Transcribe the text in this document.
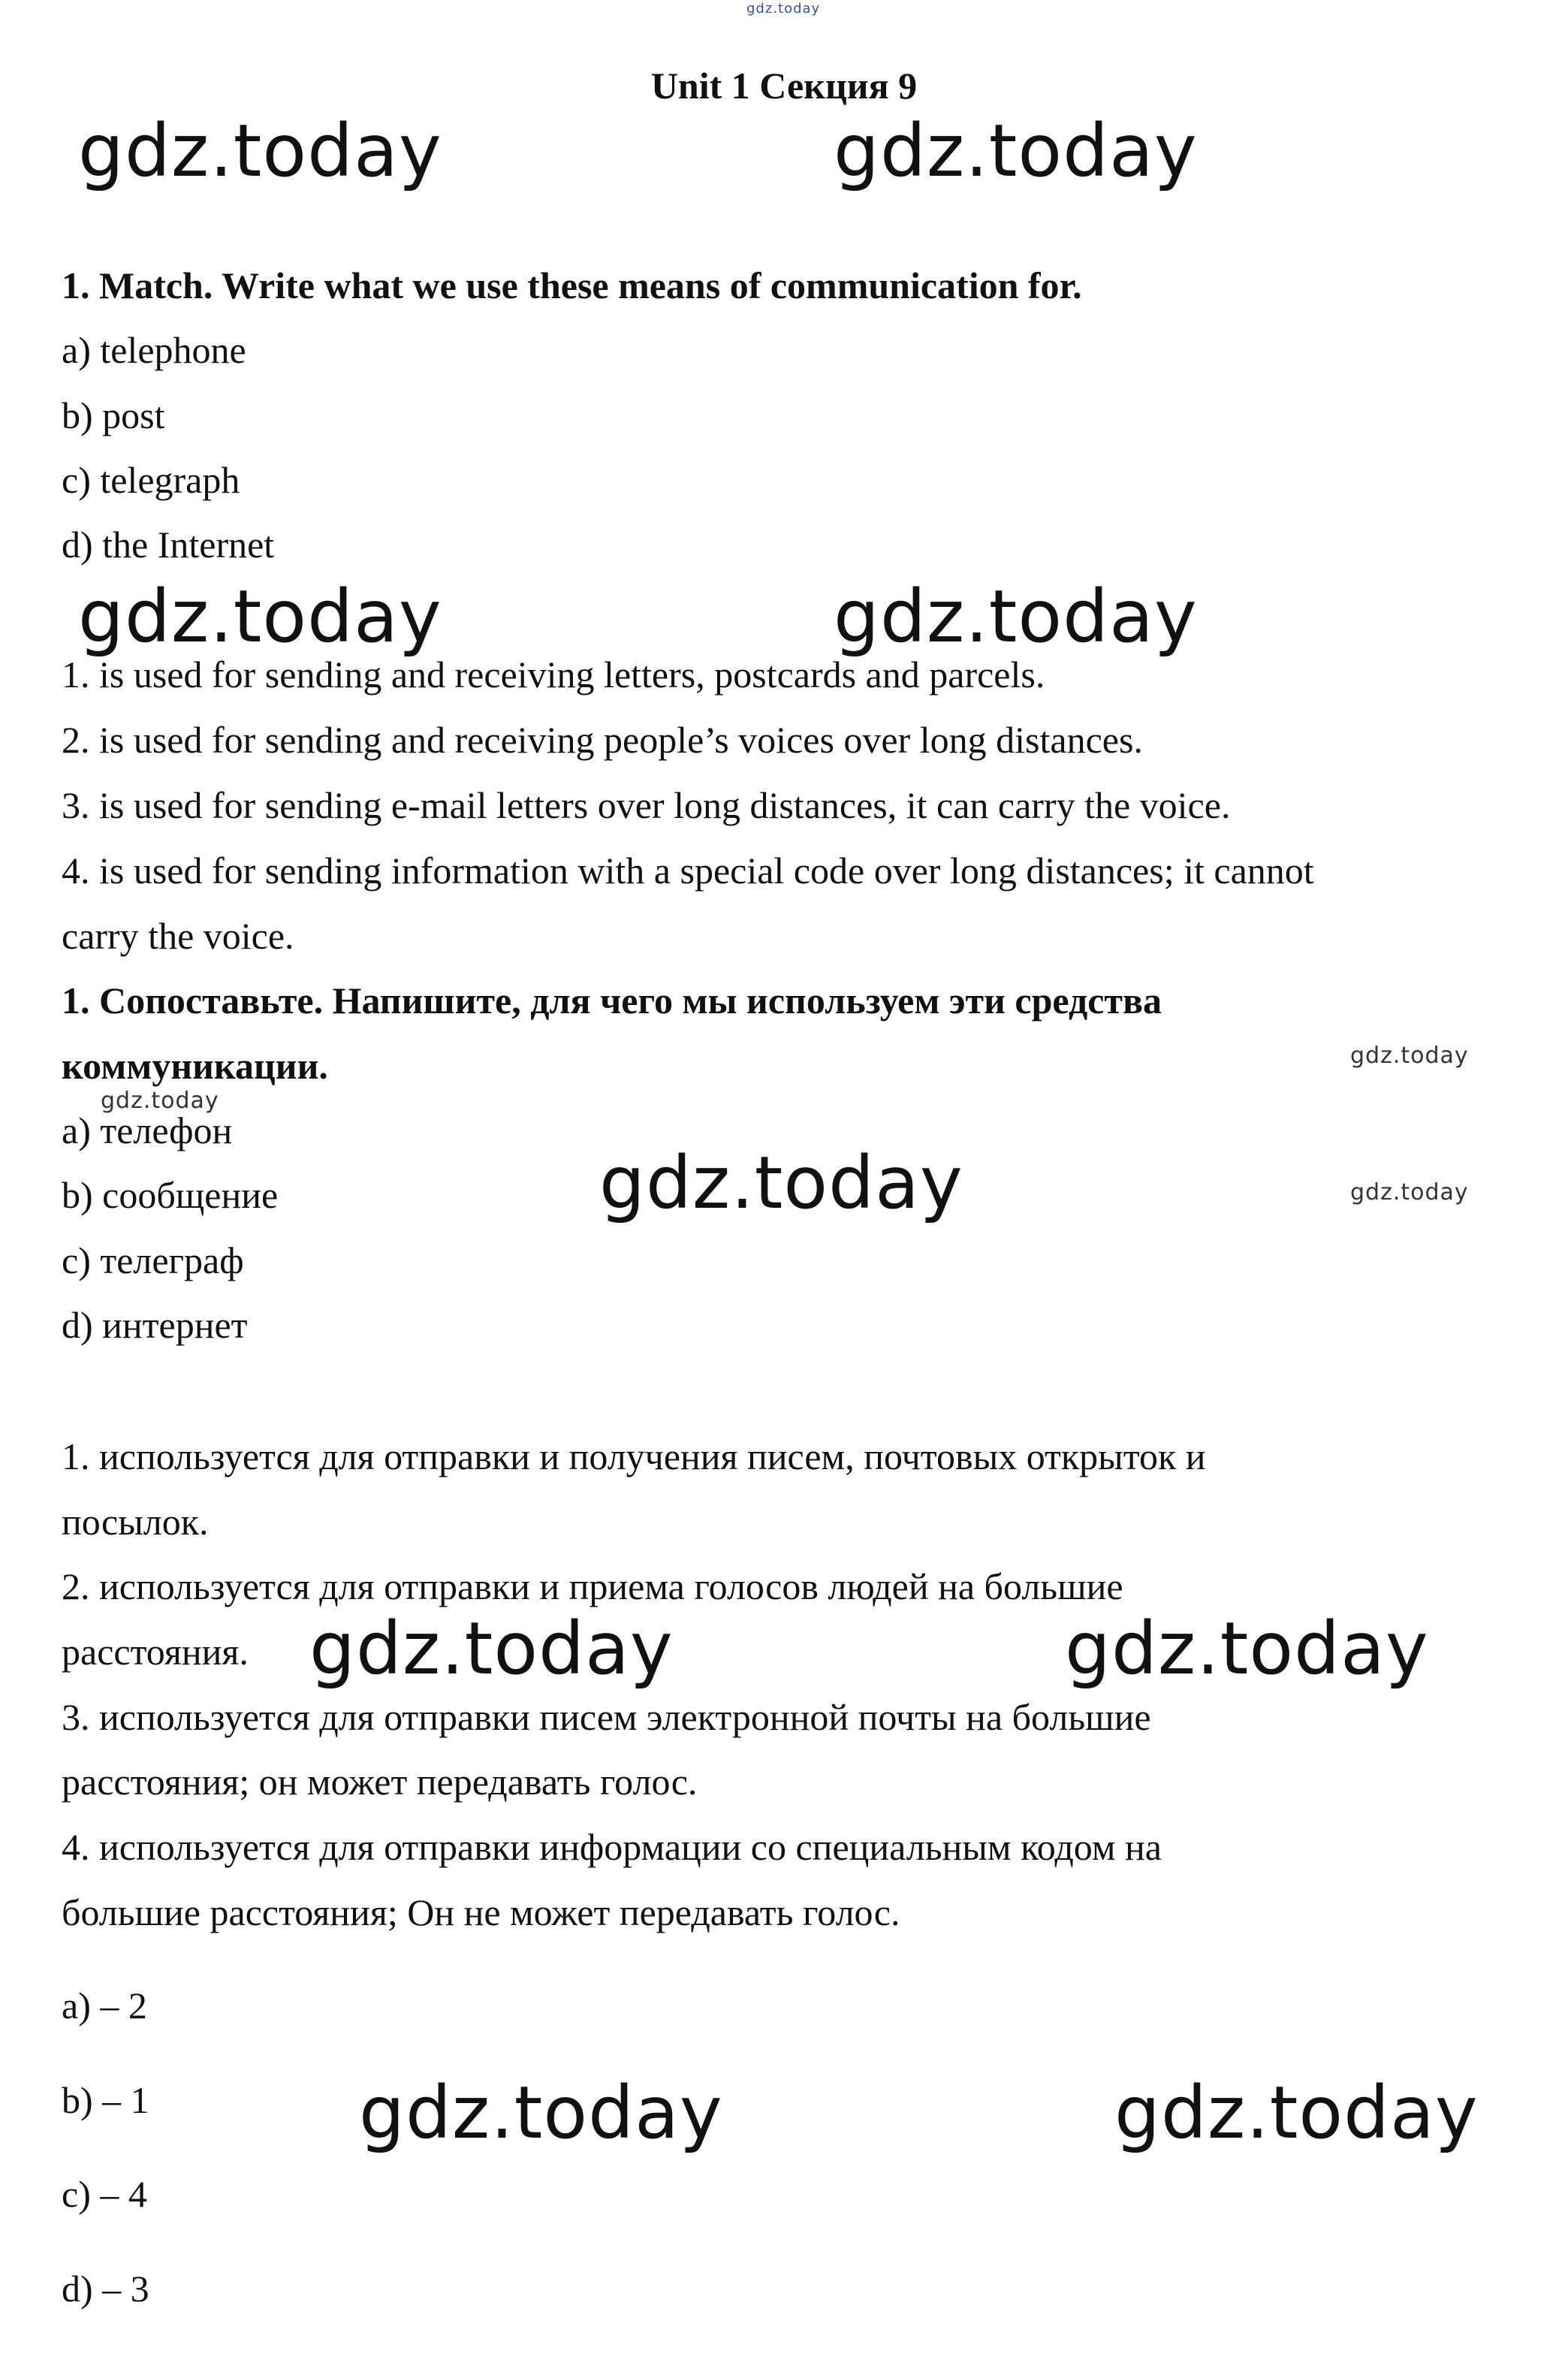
gdz.today
Unit 1 Секция 9
gdz.today	gdz.today
1. Match. Write what we use these means of communication for.
a) telephone
b) post
c) telegraph
d) the Internet
gdz.today	gdz.today
1. is used for sending and receiving letters, postcards and parcels.
2. is used for sending and receiving people’s voices over long distances.
3. is used for sending e-mail letters over long distances, it can carry the voice.
4. is used for sending information with a special code over long distances; it cannot
carry the voice.
1. Сопоставьте. Напишите, для чего мы используем эти средства
коммуникации.	gdz.today
gdz.today
gdz.today
a) телефон
b) сообщение
c) телеграф
d) интернет
gdz.today
1. используется для отправки и получения писем, почтовых открыток и
посылок.
2. используется для отправки и приема голосов людей на большие
расстояния. gdz.today	gdz.today
3. используется для отправки писем электронной почты на большие
расстояния; он может передавать голос.
4. используется для отправки информации со специальным кодом на
большие расстояния; Он не может передавать голос.
a) – 2
b) – 1
c) – 4
d) – 3
gdz.today	gdz.today
